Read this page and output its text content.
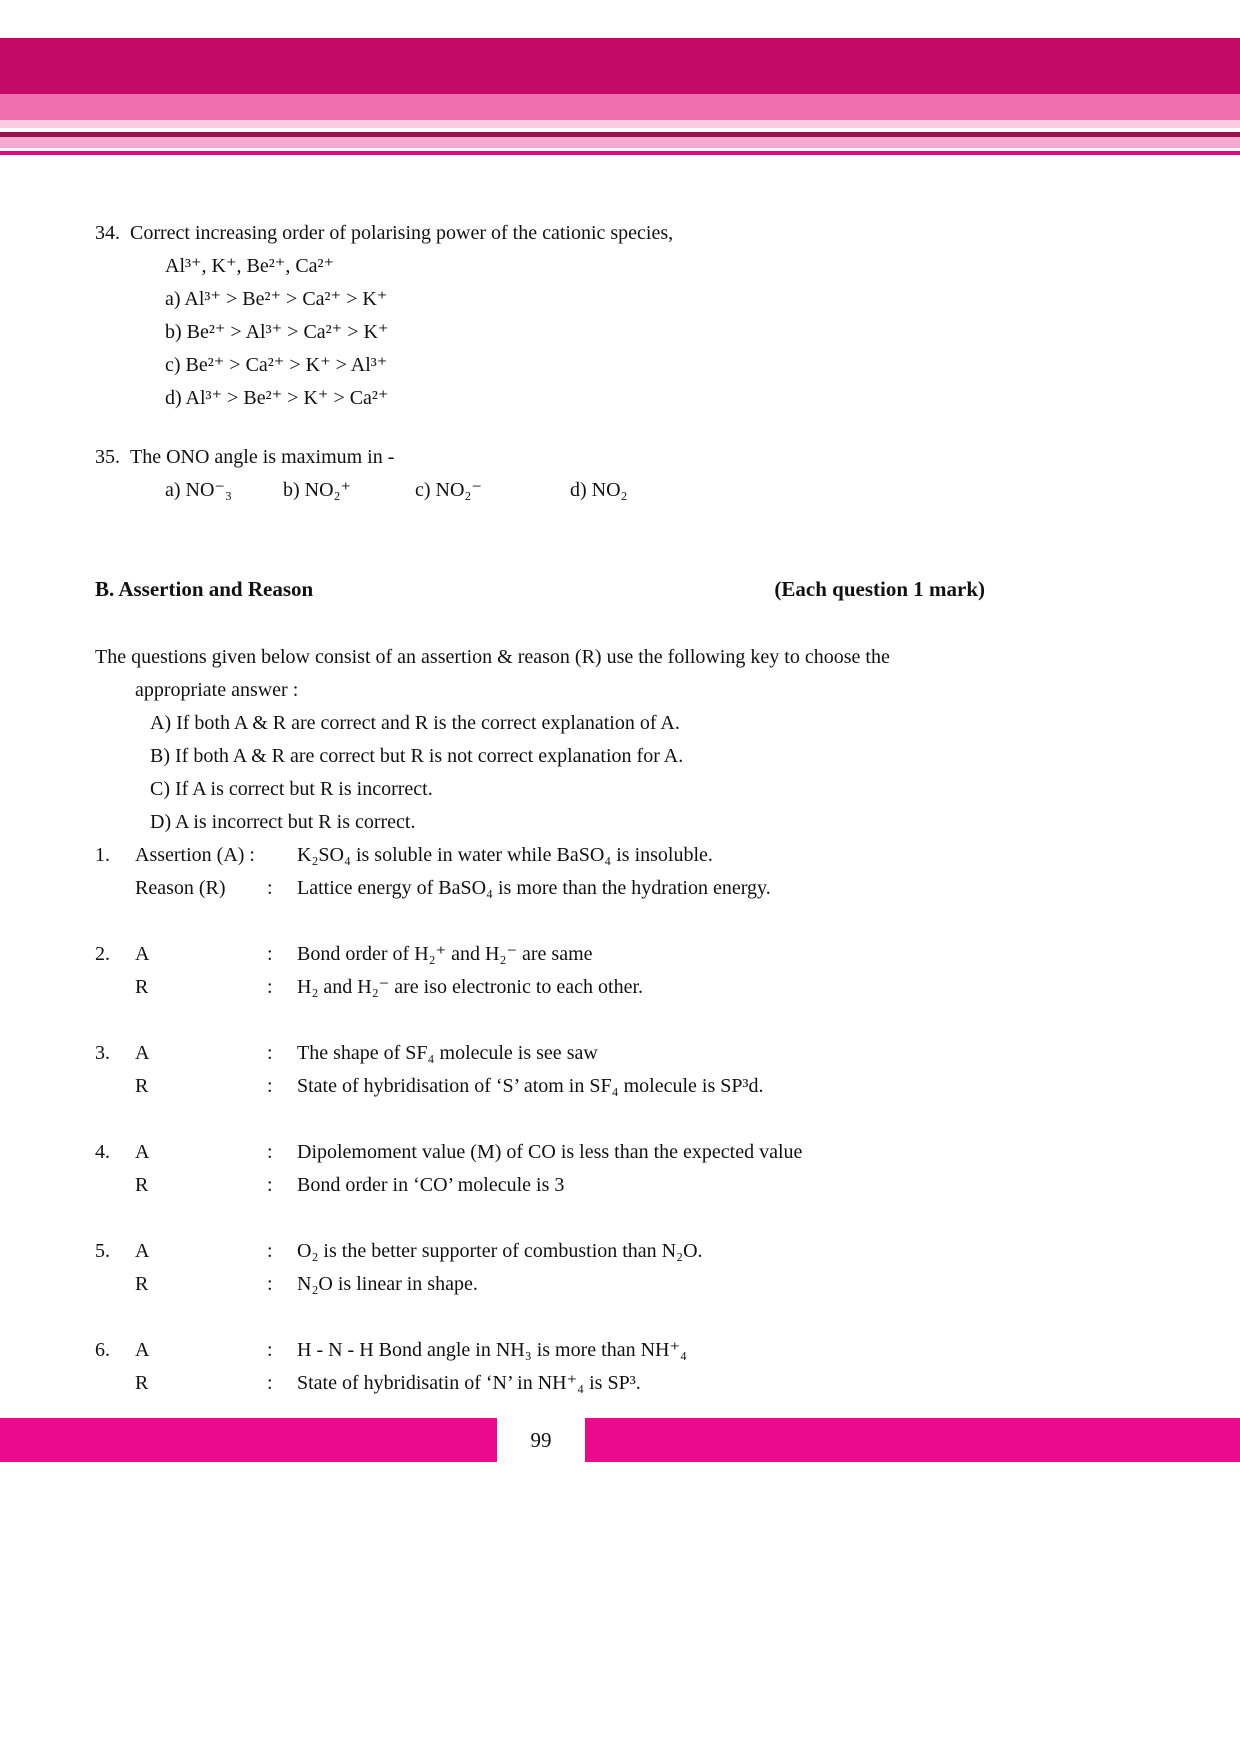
34. Correct increasing order of polarising power of the cationic species,
Al³⁺, K⁺, Be²⁺, Ca²⁺
a) Al³⁺ > Be²⁺ > Ca²⁺ > K⁺
b) Be²⁺ > Al³⁺ > Ca²⁺ > K⁺
c) Be²⁺ > Ca²⁺ > K⁺ > Al³⁺
d) Al³⁺ > Be²⁺ > K⁺ > Ca²⁺
35. The ONO angle is maximum in -
a) NO⁻₃	b) NO₂⁺	c) NO₂⁻	d) NO₂
B. Assertion and Reason	(Each question 1 mark)
The questions given below consist of an assertion & reason (R) use the following key to choose the
appropriate answer :
A) If both A & R are correct and R is the correct explanation of A.
B) If both A & R are correct but R is not correct explanation for A.
C) If A is correct but R is incorrect.
D) A is incorrect but R is correct.
1.	Assertion (A) :	K₂SO₄ is soluble in water while BaSO₄ is insoluble.
Reason (R)	:	Lattice energy of BaSO₄ is more than the hydration energy.
2.	A	:	Bond order of H₂⁺ and H₂⁻ are same
R	:	H₂ and H₂⁻ are iso electronic to each other.
3.	A	:	The shape of SF₄ molecule is see saw
R	:	State of hybridisation of ‘S’ atom in SF₄ molecule is SP³d.
4.	A	:	Dipolemoment value (M) of CO is less than the expected value
R	:	Bond order in ‘CO’ molecule is 3
5.	A	:	O₂ is the better supporter of combustion than N₂O.
R	:	N₂O is linear in shape.
6.	A	:	H - N - H Bond angle in NH₃ is more than NH⁺₄
R	:	State of hybridisatin of ‘N’ in NH⁺₄ is SP³.
99
